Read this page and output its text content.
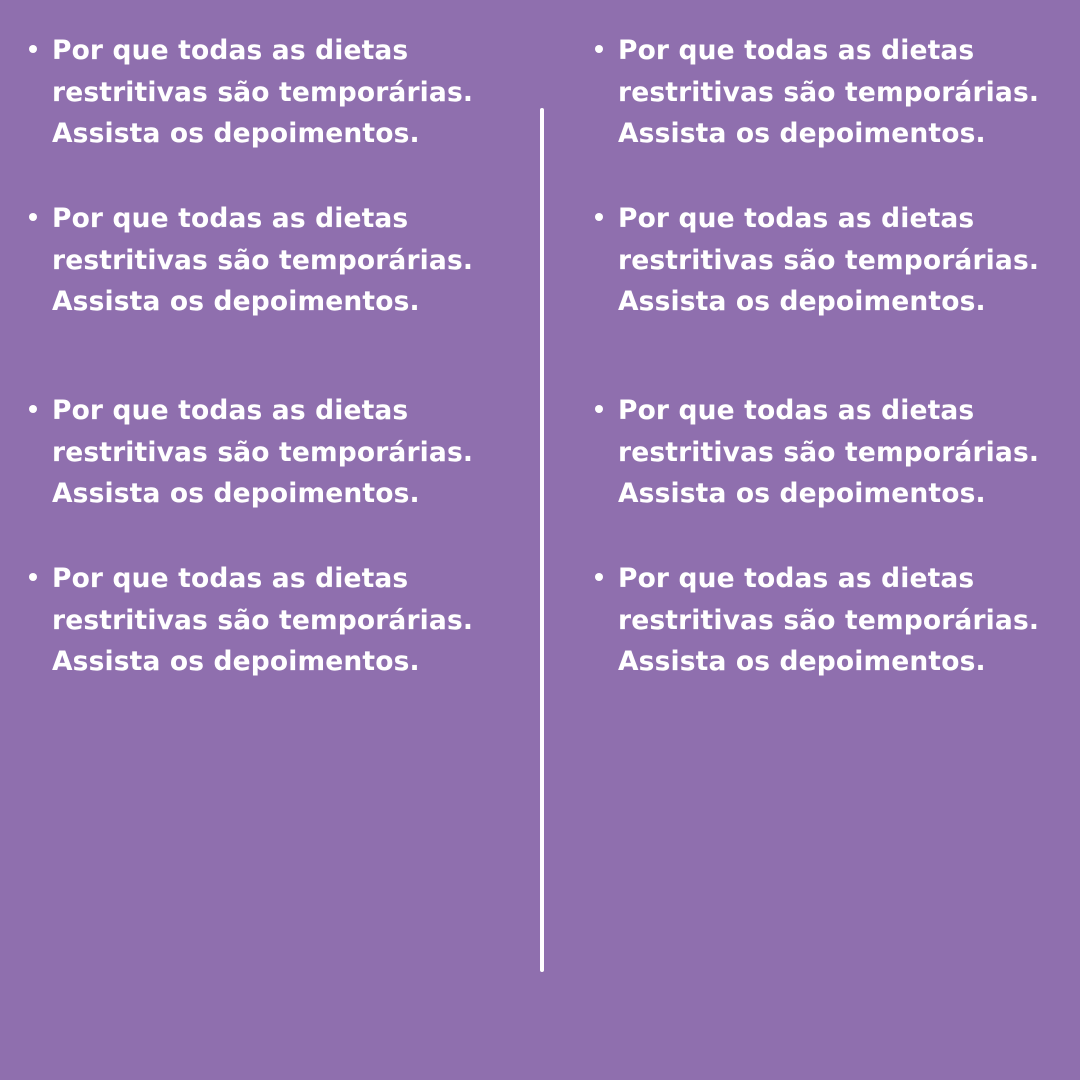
Por que todas as dietas
restritivas são temporárias.
Assista os depoimentos.

Por que todas as dietas
restritivas são temporárias.
Assista os depoimentos.

Por que todas as dietas
restritivas são temporárias.
Assista os depoimentos.

Por que todas as dietas
restritivas são temporárias.
Assista os depoimentos.

Por que todas as dietas
restritivas são temporárias.
Assista os depoimentos.

Por que todas as dietas
restritivas são temporárias.
Assista os depoimentos.

Por que todas as dietas
restritivas são temporárias.
Assista os depoimentos.

Por que todas as dietas
restritivas são temporárias.
Assista os depoimentos.
